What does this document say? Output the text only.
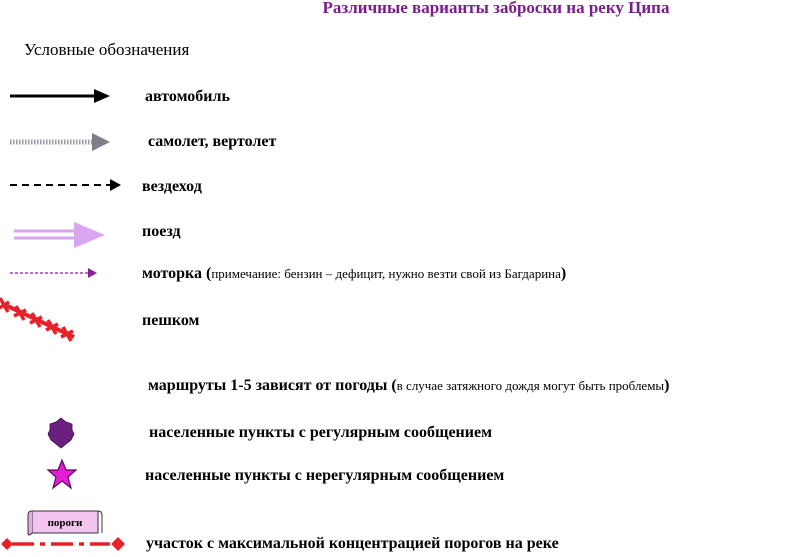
Различные варианты заброски на реку Ципа
Условные обозначения
автомобиль
самолет, вертолет
вездеход
поезд
моторка (примечание: бензин – дефицит, нужно везти свой из Багдарина)
пешком
маршруты 1-5 зависят от погоды (в случае затяжного дождя могут быть проблемы)
населенные пункты с регулярным сообщением
населенные пункты с нерегулярным сообщением
пороги
участок с максимальной концентрацией порогов на реке
